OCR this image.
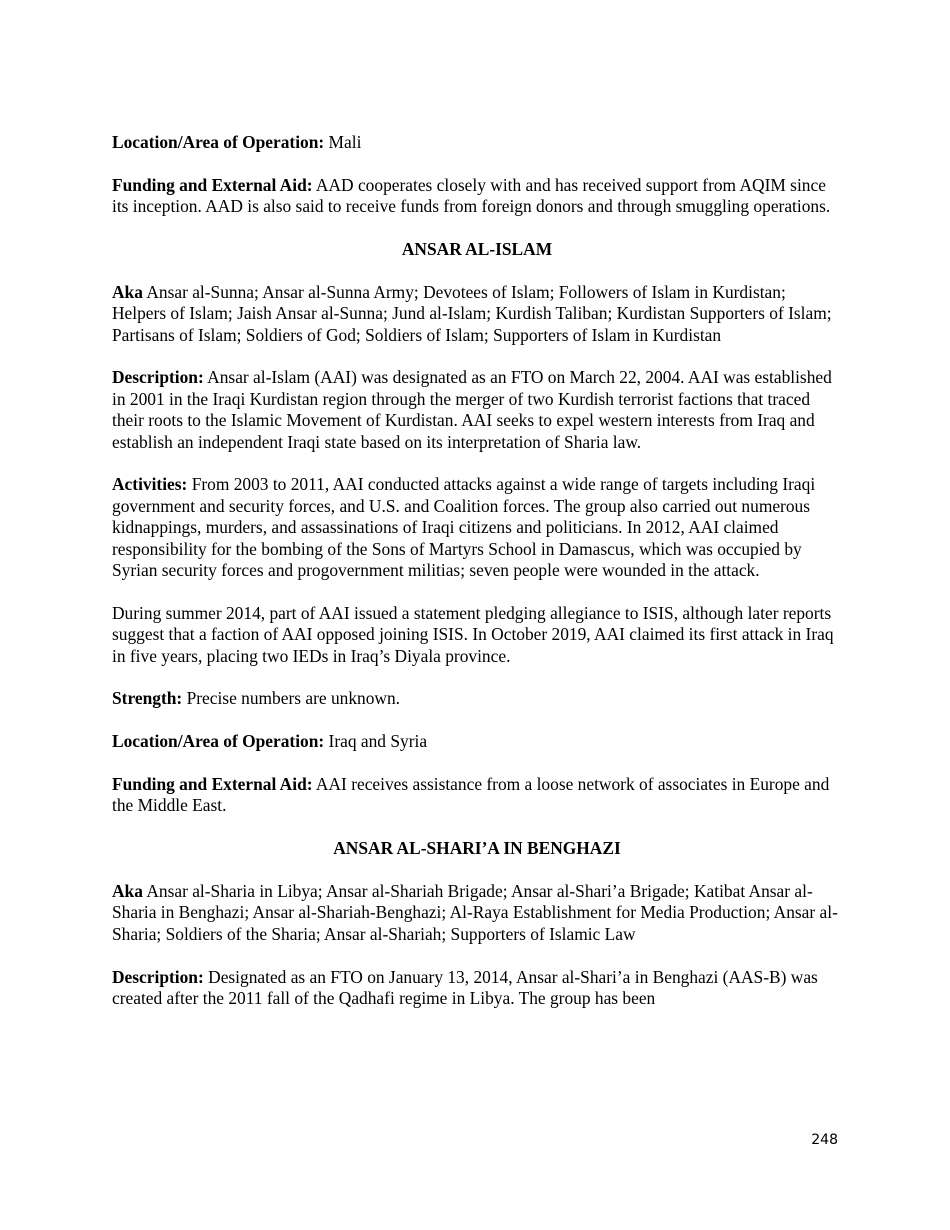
Location/Area of Operation: Mali

Funding and External Aid: AAD cooperates closely with and has received support from AQIM since its inception. AAD is also said to receive funds from foreign donors and through smuggling operations.

ANSAR AL-ISLAM

Aka Ansar al-Sunna; Ansar al-Sunna Army; Devotees of Islam; Followers of Islam in Kurdistan; Helpers of Islam; Jaish Ansar al-Sunna; Jund al-Islam; Kurdish Taliban; Kurdistan Supporters of Islam; Partisans of Islam; Soldiers of God; Soldiers of Islam; Supporters of Islam in Kurdistan

Description: Ansar al-Islam (AAI) was designated as an FTO on March 22, 2004. AAI was established in 2001 in the Iraqi Kurdistan region through the merger of two Kurdish terrorist factions that traced their roots to the Islamic Movement of Kurdistan. AAI seeks to expel western interests from Iraq and establish an independent Iraqi state based on its interpretation of Sharia law.

Activities: From 2003 to 2011, AAI conducted attacks against a wide range of targets including Iraqi government and security forces, and U.S. and Coalition forces. The group also carried out numerous kidnappings, murders, and assassinations of Iraqi citizens and politicians. In 2012, AAI claimed responsibility for the bombing of the Sons of Martyrs School in Damascus, which was occupied by Syrian security forces and progovernment militias; seven people were wounded in the attack.

During summer 2014, part of AAI issued a statement pledging allegiance to ISIS, although later reports suggest that a faction of AAI opposed joining ISIS. In October 2019, AAI claimed its first attack in Iraq in five years, placing two IEDs in Iraq’s Diyala province.

Strength: Precise numbers are unknown.

Location/Area of Operation: Iraq and Syria

Funding and External Aid: AAI receives assistance from a loose network of associates in Europe and the Middle East.

ANSAR AL-SHARI’A IN BENGHAZI

Aka Ansar al-Sharia in Libya; Ansar al-Shariah Brigade; Ansar al-Shari’a Brigade; Katibat Ansar al-Sharia in Benghazi; Ansar al-Shariah-Benghazi; Al-Raya Establishment for Media Production; Ansar al-Sharia; Soldiers of the Sharia; Ansar al-Shariah; Supporters of Islamic Law

Description: Designated as an FTO on January 13, 2014, Ansar al-Shari’a in Benghazi (AAS-B) was created after the 2011 fall of the Qadhafi regime in Libya. The group has been

248
